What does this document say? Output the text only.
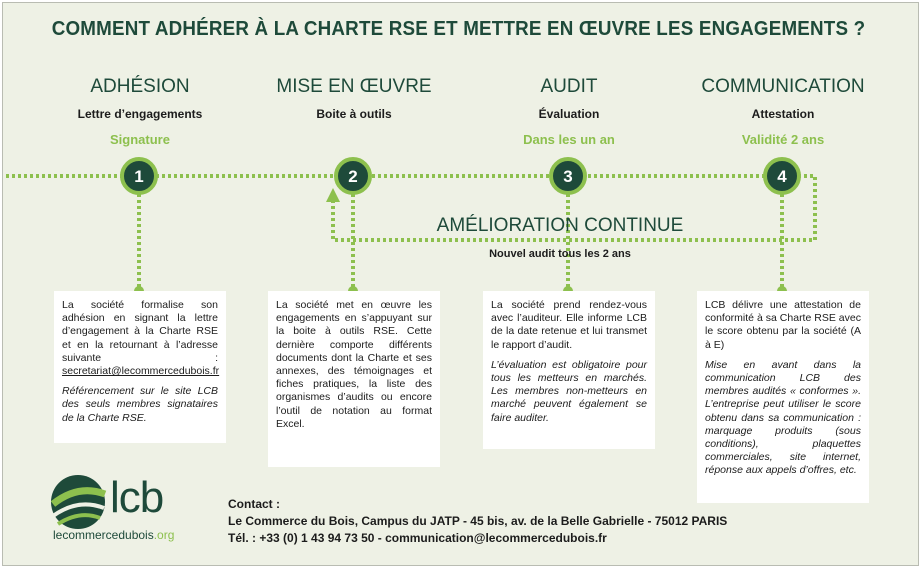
COMMENT ADHÉRER À LA CHARTE RSE ET METTRE EN ŒUVRE LES ENGAGEMENTS ?
ADHÉSION
Lettre d’engagements
Signature
MISE EN ŒUVRE
Boite à outils
AUDIT
Évaluation
Dans les un an
COMMUNICATION
Attestation
Validité 2 ans
1	2	3	4
AMÉLIORATION CONTINUE
Nouvel audit tous les 2 ans

La société formalise son adhésion en signant la lettre d’engagement à la Charte RSE et en la retournant à l’adresse suivante : secretariat@lecommercedubois.fr

Référencement sur le site LCB des seuls membres signataires de la Charte RSE.

La société met en œuvre les engagements en s’appuyant sur la boite à outils RSE. Cette dernière comporte différents documents dont la Charte et ses annexes, des témoignages et fiches pratiques, la liste des organismes d’audits ou encore l’outil de notation au format Excel.

La société prend rendez-vous avec l’auditeur. Elle informe LCB de la date retenue et lui transmet le rapport d’audit.

L’évaluation est obligatoire pour tous les metteurs en marchés. Les membres non-metteurs en marché peuvent également se faire auditer.

LCB délivre une attestation de conformité à sa Charte RSE avec le score obtenu par la société (A à E)

Mise en avant dans la communication LCB des membres audités « conformes ». L’entreprise peut utiliser le score obtenu dans sa communication : marquage produits (sous conditions), plaquettes commerciales, site internet, réponse aux appels d’offres, etc.

lcb
lecommercedubois.org
Contact :
Le Commerce du Bois, Campus du JATP - 45 bis, av. de la Belle Gabrielle - 75012 PARIS
Tél. : +33 (0) 1 43 94 73 50 - communication@lecommercedubois.fr
